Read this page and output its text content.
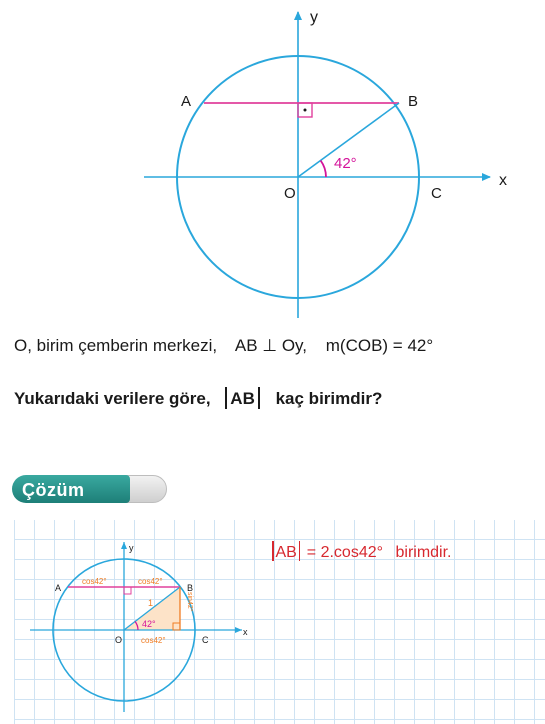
42°
A	B
O	C
x
y
O, birim çemberin merkezi, AB ⊥ Oy, m(COB) = 42°
Yukarıdaki verilere göre, AB kaç birimdir?
Çözüm
42°
1
cos42°	cos42°
cos42°
sin42°
A	B
O	C
x
y	AB = 2.cos42° birimdir.
